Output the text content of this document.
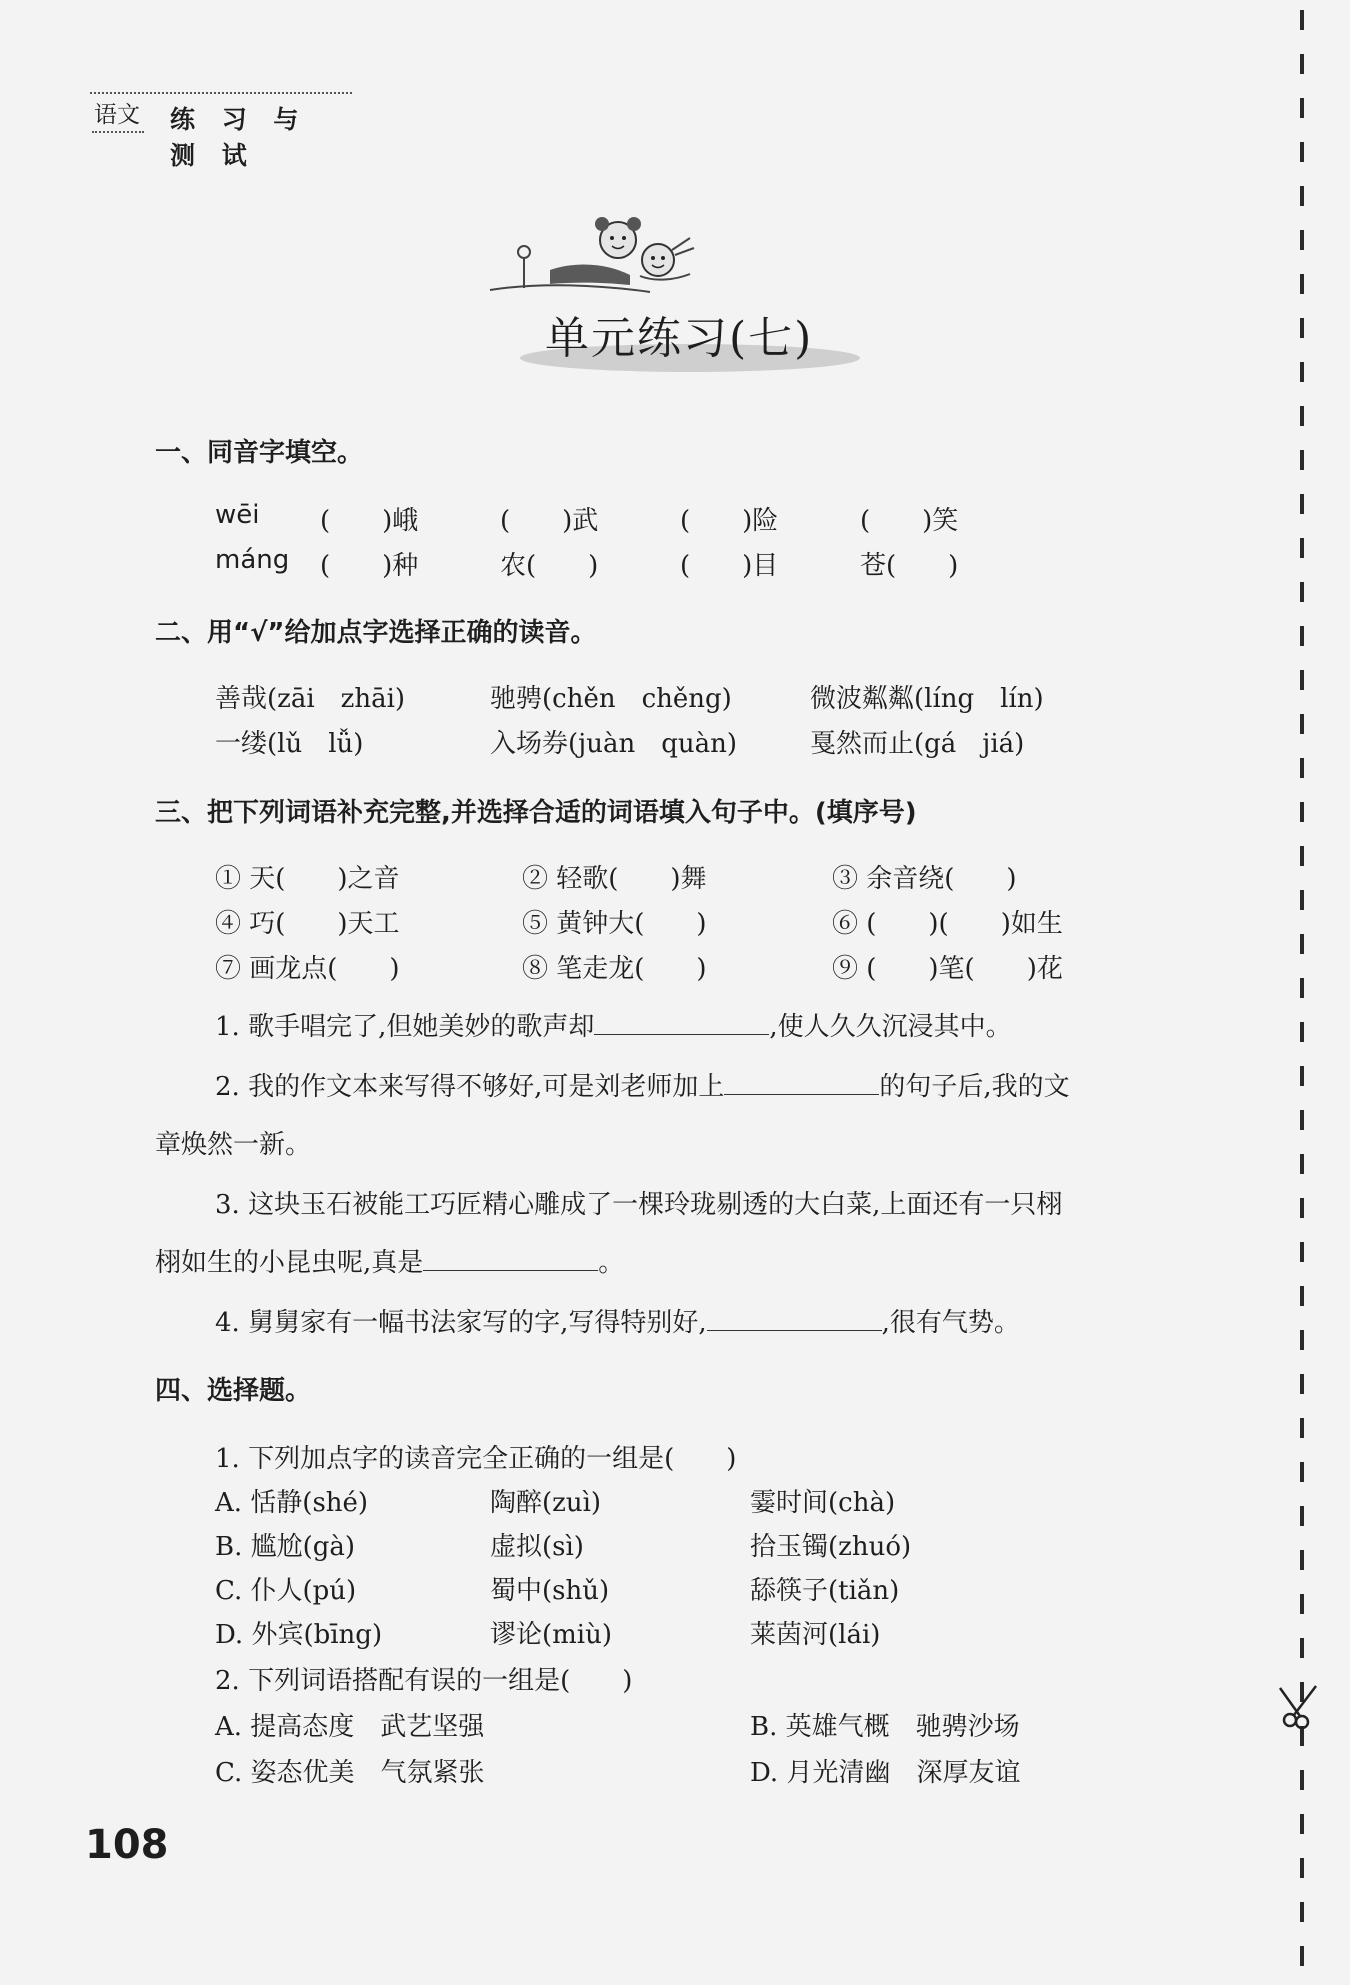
语文 练 习 与 测 试
单元练习(七)
一、同音字填空。
wēi (　　)峨	(　　)武	(　　)险	(　　)笑
máng (　　)种	农(　　)	(　　)目	苍(　　)
二、用“√”给加点字选择正确的读音。
善哉(zāi　zhāi)	驰骋(chěn　chěng)	微波粼粼(líng　lín)
一缕(lǔ　lǚ)	入场券(juàn　quàn)	戛然而止(gá　jiá)
三、把下列词语补充完整,并选择合适的词语填入句子中。(填序号)
① 天(　　)之音	② 轻歌(　　)舞	③ 余音绕(　　)
④ 巧(　　)天工	⑤ 黄钟大(　　)	⑥ (　　)(　　)如生
⑦ 画龙点(　　)	⑧ 笔走龙(　　)	⑨ (　　)笔(　　)花
1. 歌手唱完了,但她美妙的歌声却	,使人久久沉浸其中。
2. 我的作文本来写得不够好,可是刘老师加上	的句子后,我的文
章焕然一新。
3. 这块玉石被能工巧匠精心雕成了一棵玲珑剔透的大白菜,上面还有一只栩
栩如生的小昆虫呢,真是	。
4. 舅舅家有一幅书法家写的字,写得特别好,	,很有气势。
四、选择题。
1. 下列加点字的读音完全正确的一组是(　　)
A. 恬静(shé)	陶醉(zuì)	霎时间(chà)
B. 尴尬(gà)	虚拟(sì)	拾玉镯(zhuó)
C. 仆人(pú)	蜀中(shǔ)	舔筷子(tiǎn)
D. 外宾(bīng)	谬论(miù)	莱茵河(lái)
2. 下列词语搭配有误的一组是(　　)
A. 提高态度　武艺坚强	B. 英雄气概　驰骋沙场
C. 姿态优美　气氛紧张	D. 月光清幽　深厚友谊
108
